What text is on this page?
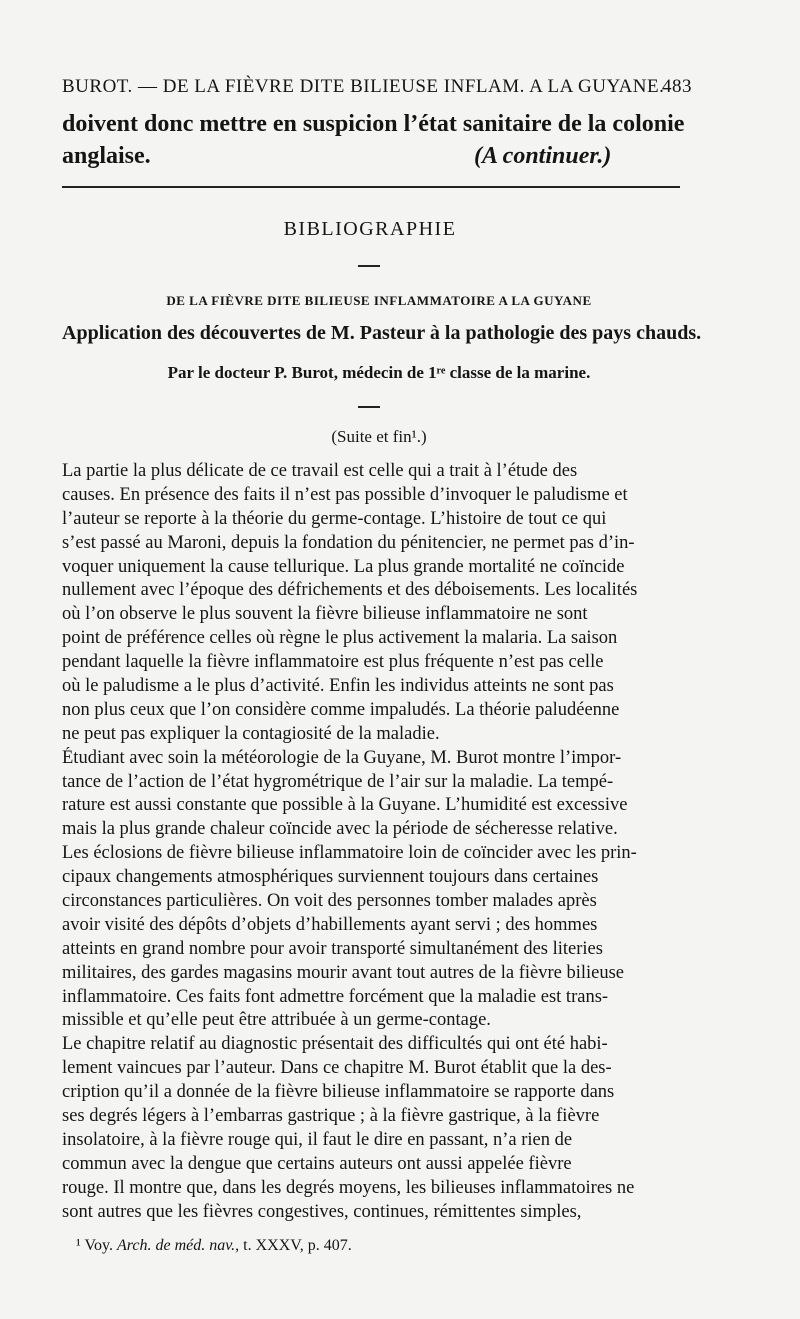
BUROT. — DE LA FIÈVRE DITE BILIEUSE INFLAM. A LA GUYANE.
483
doivent donc mettre en suspicion l’état sanitaire de la colonie
anglaise.	(A continuer.)
BIBLIOGRAPHIE
DE LA FIÈVRE DITE BILIEUSE INFLAMMATOIRE A LA GUYANE
Application des découvertes de M. Pasteur à la pathologie des pays chauds.
Par le docteur P. Burot, médecin de 1ʳᵉ classe de la marine.
(Suite et fin¹.)
La partie la plus délicate de ce travail est celle qui a trait à l’étude des
causes. En présence des faits il n’est pas possible d’invoquer le paludisme et
l’auteur se reporte à la théorie du germe-contage. L’histoire de tout ce qui
s’est passé au Maroni, depuis la fondation du pénitencier, ne permet pas d’in-
voquer uniquement la cause tellurique. La plus grande mortalité ne coïncide
nullement avec l’époque des défrichements et des déboisements. Les localités
où l’on observe le plus souvent la fièvre bilieuse inflammatoire ne sont
point de préférence celles où règne le plus activement la malaria. La saison
pendant laquelle la fièvre inflammatoire est plus fréquente n’est pas celle
où le paludisme a le plus d’activité. Enfin les individus atteints ne sont pas
non plus ceux que l’on considère comme impaludés. La théorie paludéenne
ne peut pas expliquer la contagiosité de la maladie.
Étudiant avec soin la météorologie de la Guyane, M. Burot montre l’impor-
tance de l’action de l’état hygrométrique de l’air sur la maladie. La tempé-
rature est aussi constante que possible à la Guyane. L’humidité est excessive
mais la plus grande chaleur coïncide avec la période de sécheresse relative.
Les éclosions de fièvre bilieuse inflammatoire loin de coïncider avec les prin-
cipaux changements atmosphériques surviennent toujours dans certaines
circonstances particulières. On voit des personnes tomber malades après
avoir visité des dépôts d’objets d’habillements ayant servi ; des hommes
atteints en grand nombre pour avoir transporté simultanément des literies
militaires, des gardes magasins mourir avant tout autres de la fièvre bilieuse
inflammatoire. Ces faits font admettre forcément que la maladie est trans-
missible et qu’elle peut être attribuée à un germe-contage.
Le chapitre relatif au diagnostic présentait des difficultés qui ont été habi-
lement vaincues par l’auteur. Dans ce chapitre M. Burot établit que la des-
cription qu’il a donnée de la fièvre bilieuse inflammatoire se rapporte dans
ses degrés légers à l’embarras gastrique ; à la fièvre gastrique, à la fièvre
insolatoire, à la fièvre rouge qui, il faut le dire en passant, n’a rien de
commun avec la dengue que certains auteurs ont aussi appelée fièvre
rouge. Il montre que, dans les degrés moyens, les bilieuses inflammatoires ne
sont autres que les fièvres congestives, continues, rémittentes simples,
¹ Voy. Arch. de méd. nav., t. XXXV, p. 407.
